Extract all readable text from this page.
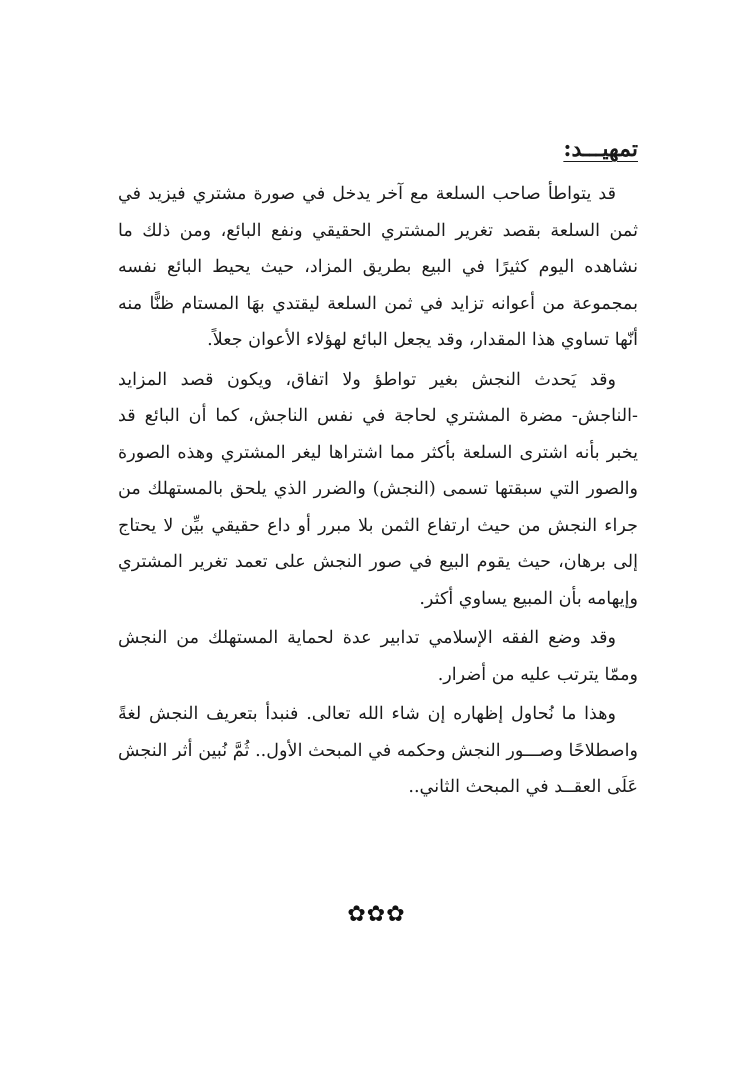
تمهيـــد:

قد يتواطأ صاحب السلعة مع آخر يدخل في صورة مشتري فيزيد في ثمن السلعة بقصد تغرير المشتري الحقيقي ونفع البائع، ومن ذلك ما نشاهده اليوم كثيرًا في البيع بطريق المزاد، حيث يحيط البائع نفسه بمجموعة من أعوانه تزايد في ثمن السلعة ليقتدي بهَا المستام ظنًّا منه أنّها تساوي هذا المقدار، وقد يجعل البائع لهؤلاء الأعوان جعلاً.

وقد يَحدث النجش بغير تواطؤ ولا اتفاق، ويكون قصد المزايد -الناجش- مضرة المشتري لحاجة في نفس الناجش، كما أن البائع قد يخبر بأنه اشترى السلعة بأكثر مما اشتراها ليغر المشتري وهذه الصورة والصور التي سبقتها تسمى (النجش) والضرر الذي يلحق بالمستهلك من جراء النجش من حيث ارتفاع الثمن بلا مبرر أو داع حقيقي بيِّن لا يحتاج إلى برهان، حيث يقوم البيع في صور النجش على تعمد تغرير المشتري وإيهامه بأن المبيع يساوي أكثر.

وقد وضع الفقه الإسلامي تدابير عدة لحماية المستهلك من النجش وممّا يترتب عليه من أضرار.

وهذا ما نُحاول إظهاره إن شاء الله تعالى. فنبدأ بتعريف النجش لغةً واصطلاحًا وصـــور النجش وحكمه في المبحث الأول.. ثُمَّ نُبين أثر النجش عَلَى العقــد في المبحث الثاني..

✿✿✿
